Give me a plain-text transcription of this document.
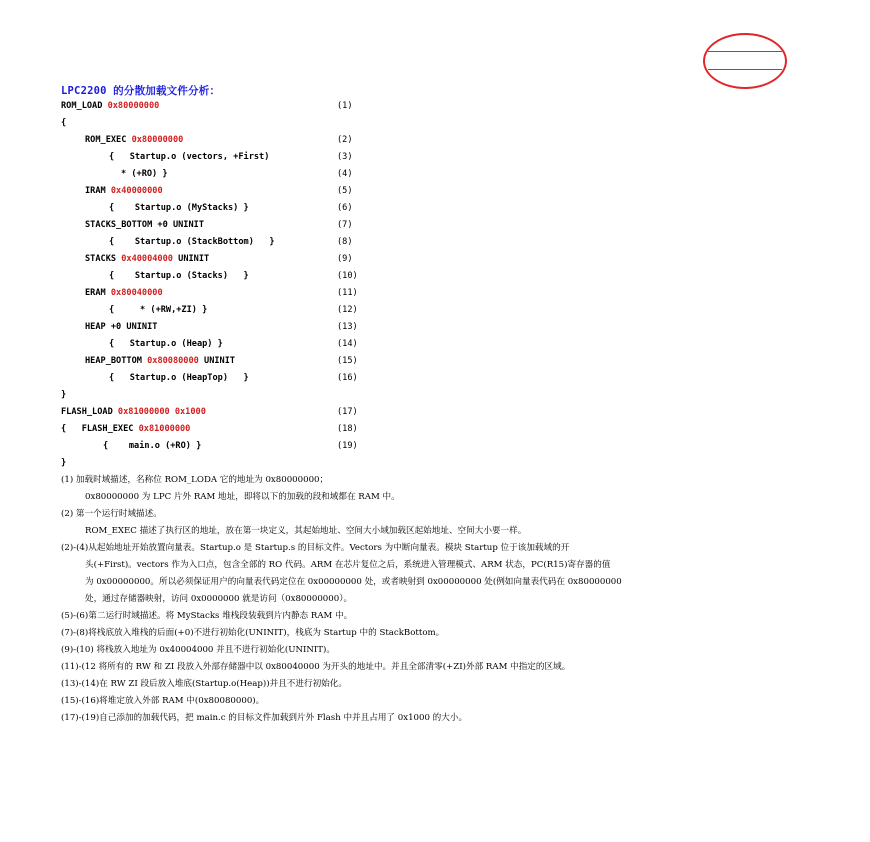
LPC2200 的分散加载文件分析：
ROM_LOAD 0x80000000	(1)
{
ROM_EXEC 0x80000000	(2)
{   Startup.o (vectors, +First)	(3)
* (+RO) }	(4)
IRAM 0x40000000	(5)
{    Startup.o (MyStacks) }	(6)
STACKS_BOTTOM +0 UNINIT	(7)
{    Startup.o (StackBottom)   }	(8)
STACKS 0x40004000 UNINIT	(9)
{    Startup.o (Stacks)   }	(10)
ERAM 0x80040000	(11)
{     * (+RW,+ZI) }	(12)
HEAP +0 UNINIT	(13)
{   Startup.o (Heap) }	(14)
HEAP_BOTTOM 0x80080000 UNINIT	(15)
{   Startup.o (HeapTop)   }	(16)
}
FLASH_LOAD 0x81000000 0x1000	(17)
{   FLASH_EXEC 0x81000000	(18)
{    main.o (+RO) }	(19)
}
(1) 加载时域描述，名称位 ROM_LODA 它的地址为 0x80000000；
0x80000000 为 LPC 片外 RAM 地址，即将以下的加载的段和域都在 RAM 中。
(2) 第一个运行时域描述。
ROM_EXEC 描述了执行区的地址，放在第一块定义，其起始地址、空间大小域加载区起始地址、空间大小要一样。
(2)-(4)从起始地址开始放置向量表。Startup.o 是 Startup.s 的目标文件。Vectors 为中断向量表。模块 Startup 位于该加载域的开
头(+First)。vectors 作为入口点，包含全部的 RO 代码。ARM 在芯片复位之后，系统进入管理模式、ARM 状态，PC(R15)寄存器的值
为 0x00000000。所以必须保证用户的向量表代码定位在 0x00000000 处，或者映射到 0x00000000 处(例如向量表代码在 0x80000000
处，通过存储器映射，访问 0x0000000 就是访问（0x80000000）。
(5)-(6)第二运行时域描述。将 MyStacks 堆栈段装载到片内静态 RAM 中。
(7)-(8)将栈底放入堆栈的后面(+0)不进行初始化(UNINIT)，栈底为 Startup 中的 StackBottom。
(9)-(10) 将栈放入地址为 0x40004000 并且不进行初始化(UNINIT)。
(11)-(12 将所有的 RW 和 ZI 段放入外部存储器中以 0x80040000 为开头的地址中。并且全部清零(+ZI)外部 RAM 中指定的区域。
(13)-(14)在 RW ZI 段后放入堆底(Startup.o(Heap))并且不进行初始化。
(15)-(16)将堆定放入外部 RAM 中(0x80080000)。
(17)-(19)自己添加的加载代码，把 main.c 的目标文件加载到片外 Flash 中并且占用了 0x1000 的大小。
